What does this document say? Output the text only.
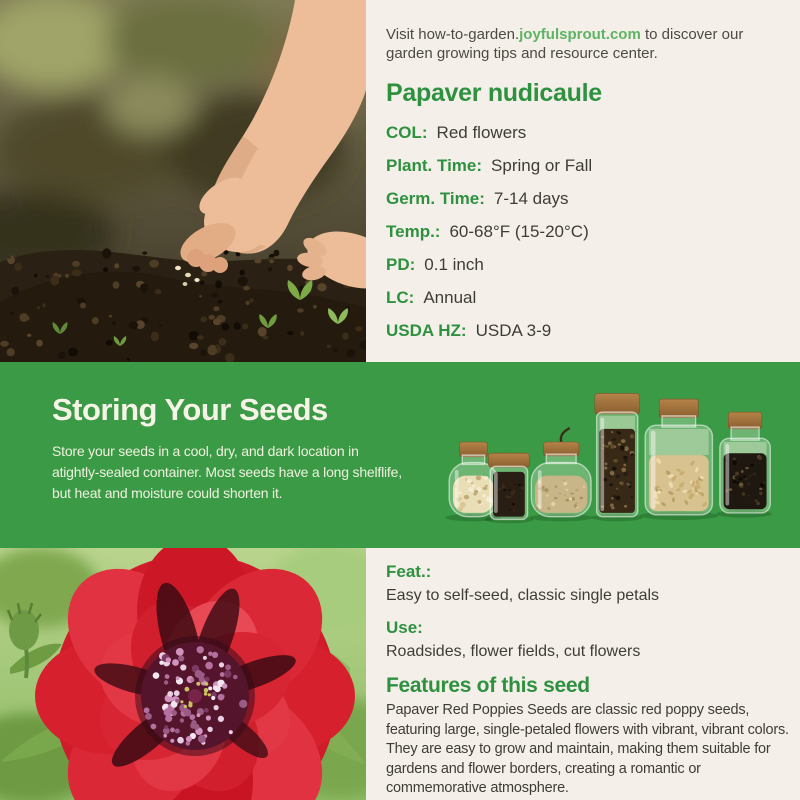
Visit how-to-garden.joyfulsprout.com to discover our garden growing tips and resource center.

Papaver nudicaule
COL: Red flowers
Plant. Time: Spring or Fall
Germ. Time: 7-14 days
Temp.: 60-68°F (15-20°C)
PD: 0.1 inch
LC: Annual
USDA HZ: USDA 3-9
Storing Your Seeds

Store your seeds in a cool, dry, and dark location in atightly-sealed container. Most seeds have a long shelflife, but heat and moisture could shorten it.

Feat.:

Easy to self-seed, classic single petals

Use:

Roadsides, flower fields, cut flowers

Features of this seed

Papaver Red Poppies Seeds are classic red poppy seeds, featuring large, single-petaled flowers with vibrant, vibrant colors. They are easy to grow and maintain, making them suitable for gardens and flower borders, creating a romantic or commemorative atmosphere.
